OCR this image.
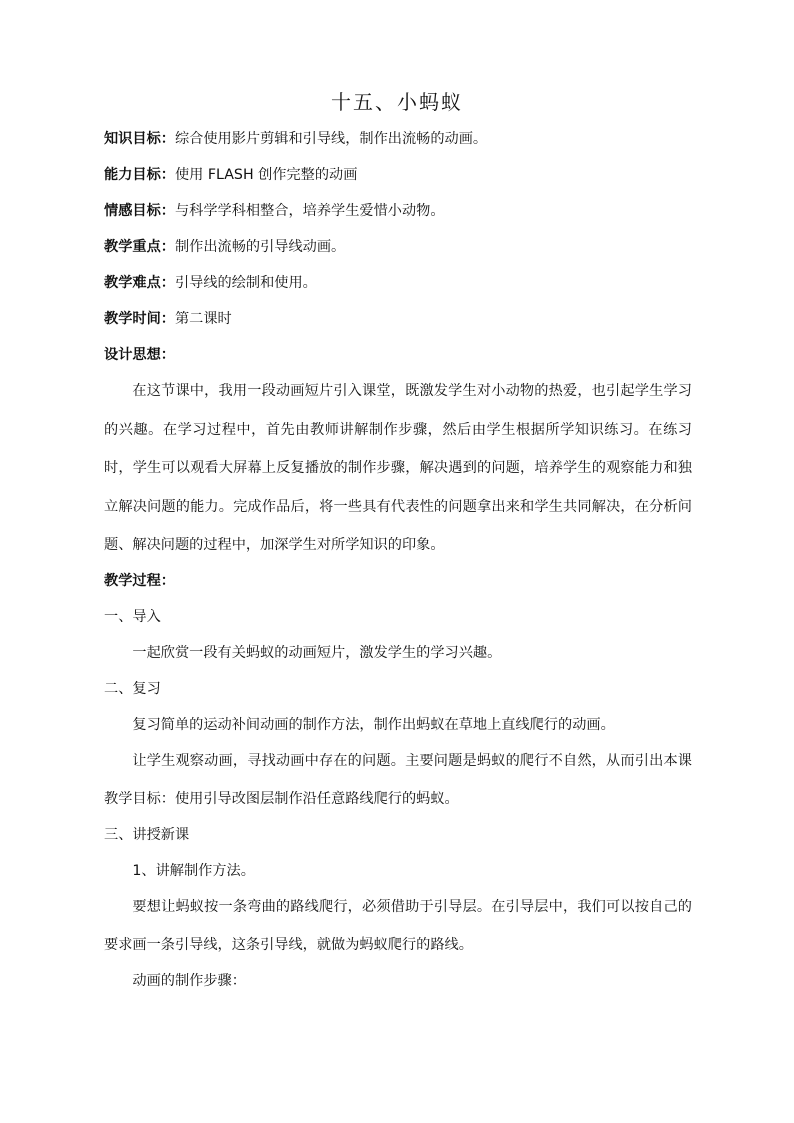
十五、小蚂蚁
知识目标：综合使用影片剪辑和引导线，制作出流畅的动画。
能力目标：使用 FLASH 创作完整的动画
情感目标：与科学学科相整合，培养学生爱惜小动物。
教学重点：制作出流畅的引导线动画。
教学难点：引导线的绘制和使用。
教学时间：第二课时
设计思想：
在这节课中，我用一段动画短片引入课堂，既激发学生对小动物的热爱，也引起学生学习的兴趣。在学习过程中，首先由教师讲解制作步骤，然后由学生根据所学知识练习。在练习时，学生可以观看大屏幕上反复播放的制作步骤，解决遇到的问题，培养学生的观察能力和独立解决问题的能力。完成作品后，将一些具有代表性的问题拿出来和学生共同解决，在分析问题、解决问题的过程中，加深学生对所学知识的印象。
教学过程：
一、导入
一起欣赏一段有关蚂蚁的动画短片，激发学生的学习兴趣。
二、复习
复习简单的运动补间动画的制作方法，制作出蚂蚁在草地上直线爬行的动画。
让学生观察动画，寻找动画中存在的问题。主要问题是蚂蚁的爬行不自然，从而引出本课教学目标：使用引导改图层制作沿任意路线爬行的蚂蚁。
三、讲授新课
1、讲解制作方法。
要想让蚂蚁按一条弯曲的路线爬行，必须借助于引导层。在引导层中，我们可以按自己的要求画一条引导线，这条引导线，就做为蚂蚁爬行的路线。
动画的制作步骤：
